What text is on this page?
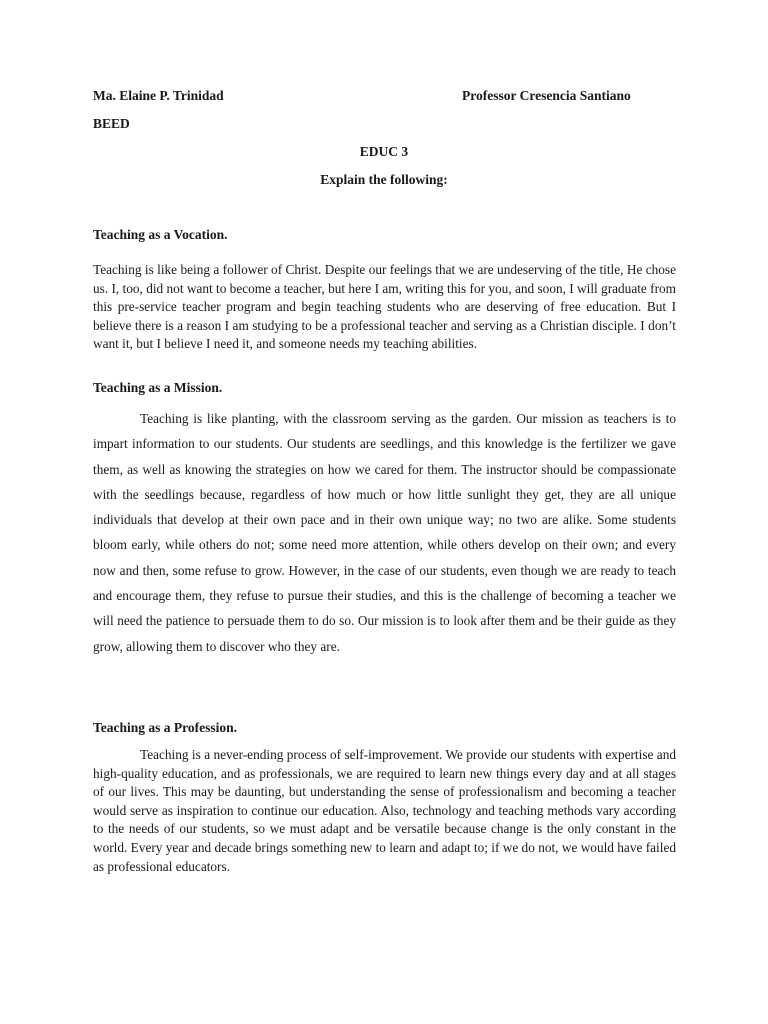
Ma. Elaine P. Trinidad	Professor Cresencia Santiano

BEED

EDUC 3

Explain the following:

Teaching as a Vocation.

Teaching is like being a follower of Christ. Despite our feelings that we are undeserving of the title, He chose us. I, too, did not want to become a teacher, but here I am, writing this for you, and soon, I will graduate from this pre-service teacher program and begin teaching students who are deserving of free education. But I believe there is a reason I am studying to be a professional teacher and serving as a Christian disciple. I don’t want it, but I believe I need it, and someone needs my teaching abilities.

Teaching as a Mission.

Teaching is like planting, with the classroom serving as the garden. Our mission as teachers is to impart information to our students. Our students are seedlings, and this knowledge is the fertilizer we gave them, as well as knowing the strategies on how we cared for them. The instructor should be compassionate with the seedlings because, regardless of how much or how little sunlight they get, they are all unique individuals that develop at their own pace and in their own unique way; no two are alike. Some students bloom early, while others do not; some need more attention, while others develop on their own; and every now and then, some refuse to grow. However, in the case of our students, even though we are ready to teach and encourage them, they refuse to pursue their studies, and this is the challenge of becoming a teacher we will need the patience to persuade them to do so. Our mission is to look after them and be their guide as they grow, allowing them to discover who they are.

Teaching as a Profession.

Teaching is a never-ending process of self-improvement. We provide our students with expertise and high-quality education, and as professionals, we are required to learn new things every day and at all stages of our lives. This may be daunting, but understanding the sense of professionalism and becoming a teacher would serve as inspiration to continue our education. Also, technology and teaching methods vary according to the needs of our students, so we must adapt and be versatile because change is the only constant in the world. Every year and decade brings something new to learn and adapt to; if we do not, we would have failed as professional educators.
